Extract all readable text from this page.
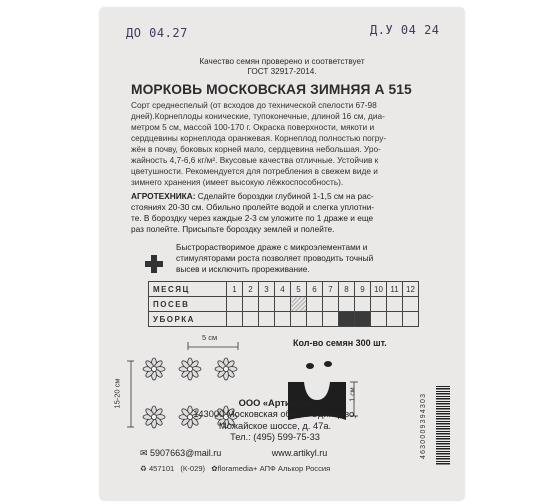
ДО 04.27	Д.У 04 24
Качество семян проверено и соответствует
ГОСТ 32917-2014.
МОРКОВЬ МОСКОВСКАЯ ЗИМНЯЯ А 515
Сорт среднеспелый (от всходов до технической спелости 67-98
дней).Корнеплоды конические, тупоконечные, длиной 16 см, диа-
метром 5 см, массой 100-170 г. Окраска поверхности, мякоти и
сердцевины корнеплода оранжевая. Корнеплод полностью погру-
жён в почву, боковых корней мало, сердцевина небольшая. Уро-
жайность 4,7-6,6 кг/м². Вкусовые качества отличные. Устойчив к
цветушности. Рекомендуется для потребления в свежем виде и
зимнего хранения (имеет высокую лёжкоспособность).
АГРОТЕХНИКА: Сделайте бороздки глубиной 1-1,5 см на рас-
стояниях 20-30 см. Обильно пролейте водой и слегка уплотни-
те. В бороздку через каждые 2-3 см уложите по 1 драже и еще
раз полейте. Присыпьте бороздку землей и полейте.
Быстрорастворимое драже с микроэлементами и
стимуляторами роста позволяет проводить точный
высев и исключить прореживание.
МЕСЯЦ	1	2	3	4	5	6	7	8	9	10	11	12
ПОСЕВ												
УБОРКА												
5 см
15-20 см
Кол-во семян 300 шт.
1 см
ООО «Артикул»
143000 Московская обл., г. Одинцово,
Можайское шоссе, д. 47а.
Тел.: (495) 599-75-33
✉ 5907663@mail.ru	www.artikyl.ru
♻ 457101 (К-029) ✿floramedia+ АПФ Алькор Россия
4630009394303
